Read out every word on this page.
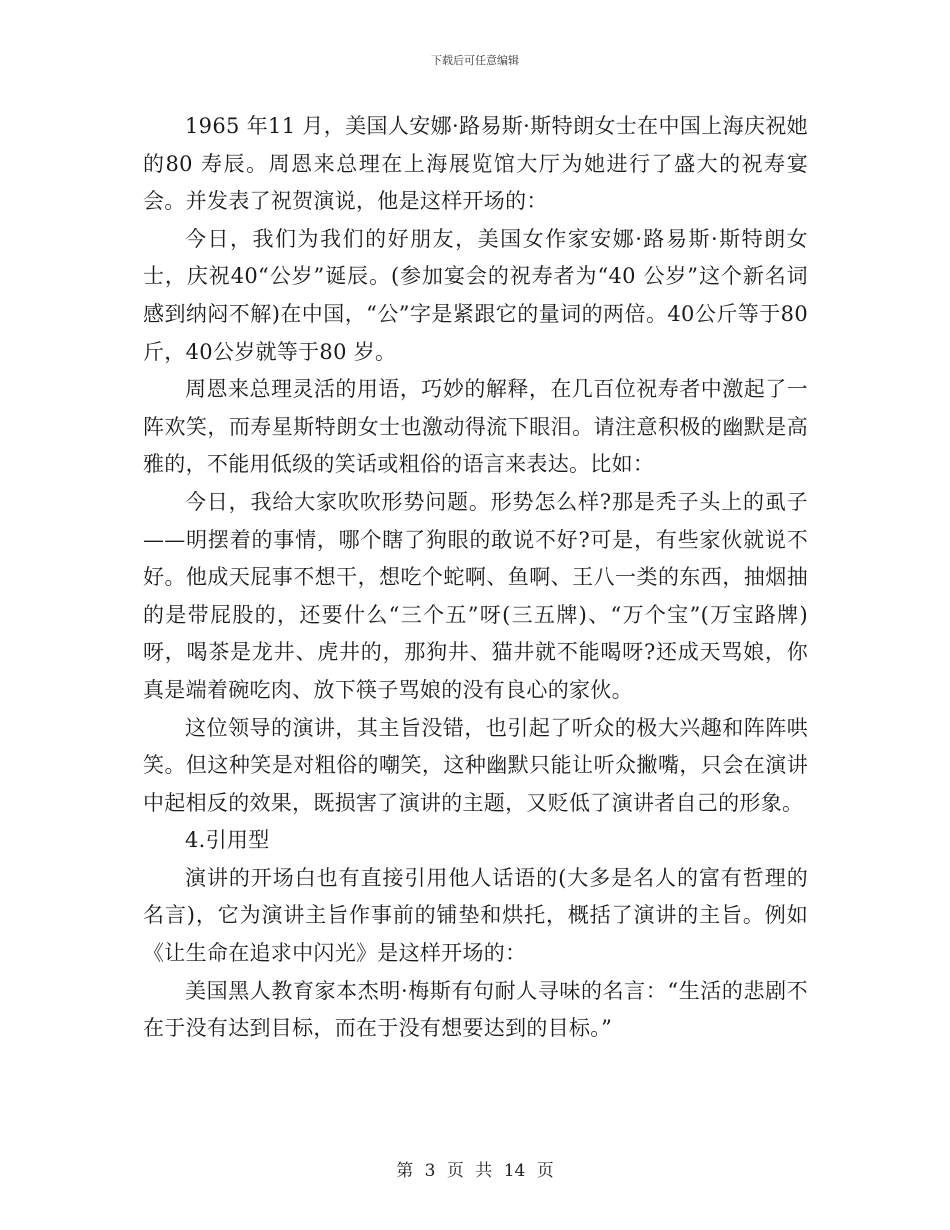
下载后可任意编辑

1965 年11 月，美国人安娜·路易斯·斯特朗女士在中国上海庆祝她的80 寿辰。周恩来总理在上海展览馆大厅为她进行了盛大的祝寿宴会。并发表了祝贺演说，他是这样开场的：

今日，我们为我们的好朋友，美国女作家安娜·路易斯·斯特朗女士，庆祝40“公岁”诞辰。(参加宴会的祝寿者为“40 公岁”这个新名词感到纳闷不解)在中国，“公”字是紧跟它的量词的两倍。40公斤等于80 斤，40公岁就等于80 岁。

周恩来总理灵活的用语，巧妙的解释，在几百位祝寿者中激起了一阵欢笑，而寿星斯特朗女士也激动得流下眼泪。请注意积极的幽默是高雅的，不能用低级的笑话或粗俗的语言来表达。比如：

今日，我给大家吹吹形势问题。形势怎么样?那是秃子头上的虱子——明摆着的事情，哪个瞎了狗眼的敢说不好?可是，有些家伙就说不好。他成天屁事不想干，想吃个蛇啊、鱼啊、王八一类的东西，抽烟抽的是带屁股的，还要什么“三个五”呀(三五牌)、“万个宝”(万宝路牌)呀，喝茶是龙井、虎井的，那狗井、猫井就不能喝呀?还成天骂娘，你真是端着碗吃肉、放下筷子骂娘的没有良心的家伙。

这位领导的演讲，其主旨没错，也引起了听众的极大兴趣和阵阵哄笑。但这种笑是对粗俗的嘲笑，这种幽默只能让听众撇嘴，只会在演讲中起相反的效果，既损害了演讲的主题，又贬低了演讲者自己的形象。

4.引用型

演讲的开场白也有直接引用他人话语的(大多是名人的富有哲理的名言)，它为演讲主旨作事前的铺垫和烘托，概括了演讲的主旨。例如《让生命在追求中闪光》是这样开场的：

美国黑人教育家本杰明·梅斯有句耐人寻味的名言：“生活的悲剧不在于没有达到目标，而在于没有想要达到的目标。”

第 3 页 共 14 页
